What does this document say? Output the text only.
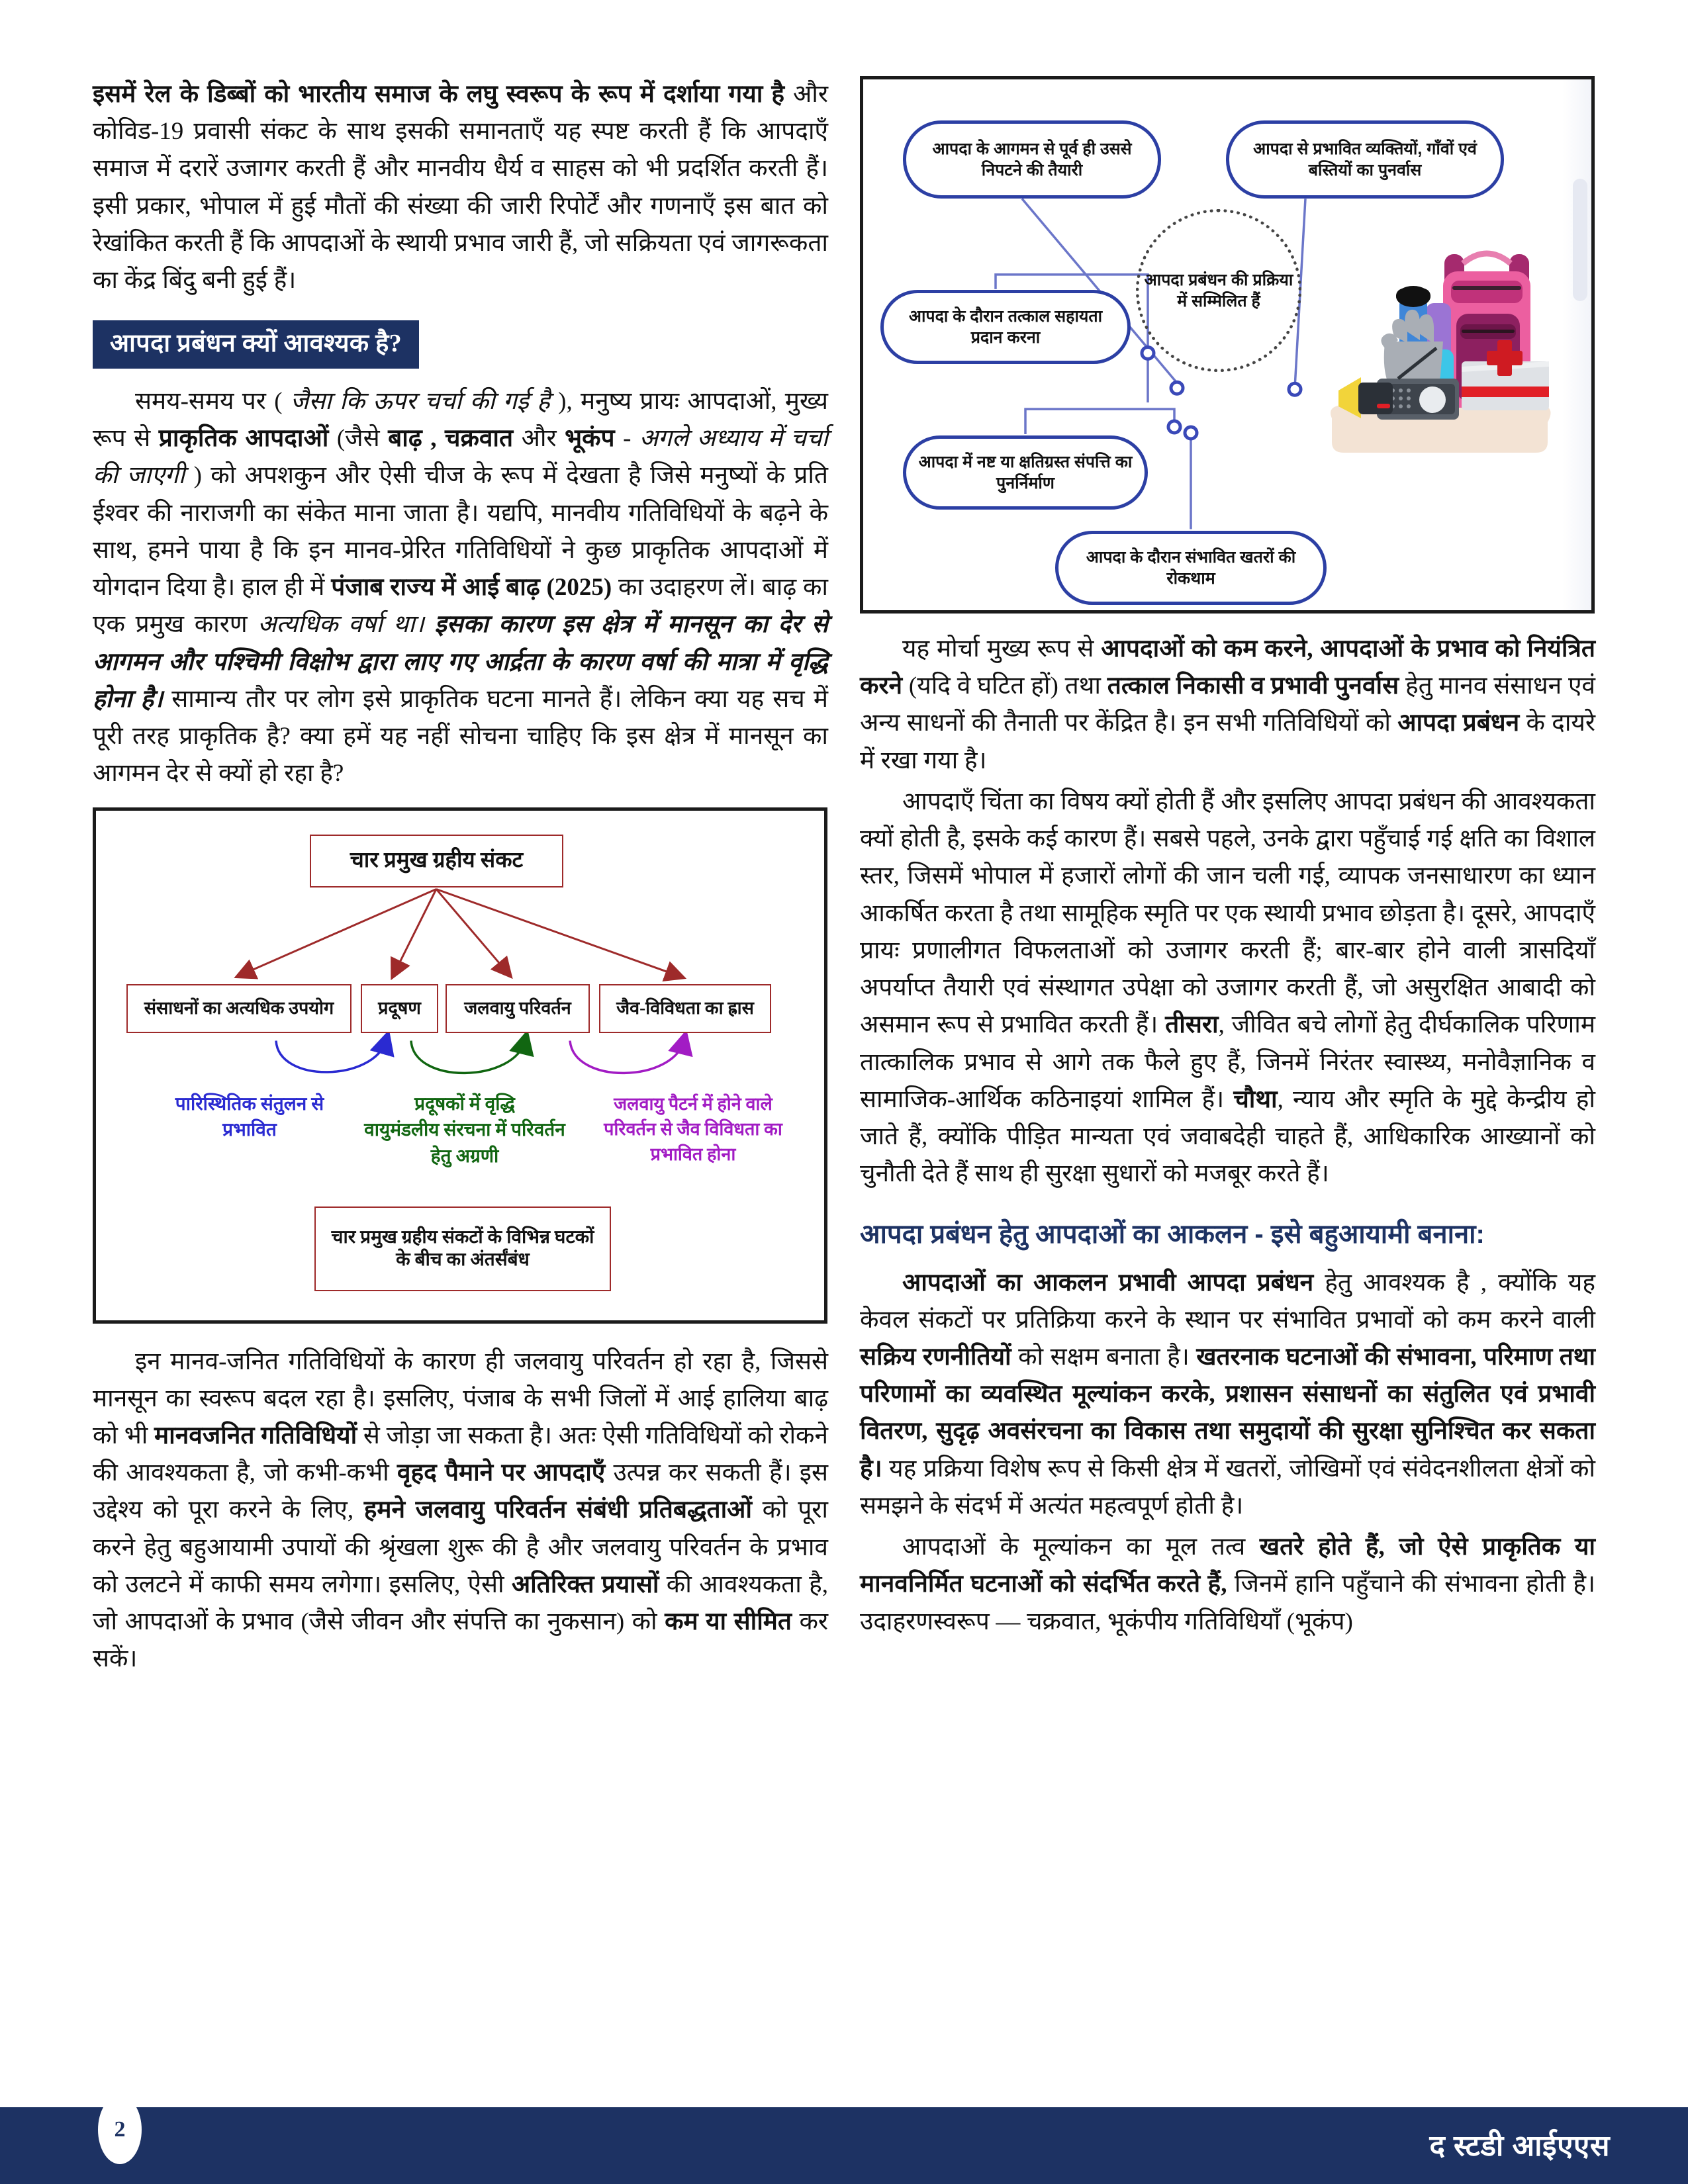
इसमें रेल के डिब्बों को भारतीय समाज के लघु स्वरूप के रूप में दर्शाया गया है और कोविड-19 प्रवासी संकट के साथ इसकी समानताएँ यह स्पष्ट करती हैं कि आपदाएँ समाज में दरारें उजागर करती हैं और मानवीय धैर्य व साहस को भी प्रदर्शित करती हैं। इसी प्रकार, भोपाल में हुई मौतों की संख्या की जारी रिपोर्टें और गणनाएँ इस बात को रेखांकित करती हैं कि आपदाओं के स्थायी प्रभाव जारी हैं, जो सक्रियता एवं जागरूकता का केंद्र बिंदु बनी हुई हैं।

आपदा प्रबंधन क्यों आवश्यक है?

समय-समय पर ( जैसा कि ऊपर चर्चा की गई है ), मनुष्य प्रायः आपदाओं, मुख्य रूप से प्राकृतिक आपदाओं (जैसे बाढ़ , चक्रवात और भूकंप - अगले अध्याय में चर्चा की जाएगी ) को अपशकुन और ऐसी चीज के रूप में देखता है जिसे मनुष्यों के प्रति ईश्वर की नाराजगी का संकेत माना जाता है। यद्यपि, मानवीय गतिविधियों के बढ़ने के साथ, हमने पाया है कि इन मानव-प्रेरित गतिविधियों ने कुछ प्राकृतिक आपदाओं में योगदान दिया है। हाल ही में पंजाब राज्य में आई बाढ़ (2025) का उदाहरण लें। बाढ़ का एक प्रमुख कारण अत्यधिक वर्षा था। इसका कारण इस क्षेत्र में मानसून का देर से आगमन और पश्चिमी विक्षोभ द्वारा लाए गए आर्द्रता के कारण वर्षा की मात्रा में वृद्धि होना है। सामान्य तौर पर लोग इसे प्राकृतिक घटना मानते हैं। लेकिन क्या यह सच में पूरी तरह प्राकृतिक है? क्या हमें यह नहीं सोचना चाहिए कि इस क्षेत्र में मानसून का आगमन देर से क्यों हो रहा है?

चार प्रमुख ग्रहीय संकट
संसाधनों का अत्यधिक उपयोग	प्रदूषण	जलवायु परिवर्तन	जैव-विविधता का ह्रास
पारिस्थितिक संतुलन से प्रभावित
प्रदूषकों में वृद्धि
वायुमंडलीय संरचना में परिवर्तन हेतु अग्रणी
जलवायु पैटर्न में होने वाले परिवर्तन से जैव विविधता का प्रभावित होना
चार प्रमुख ग्रहीय संकटों के विभिन्न घटकों
के बीच का अंतर्संबंध

इन मानव-जनित गतिविधियों के कारण ही जलवायु परिवर्तन हो रहा है, जिससे मानसून का स्वरूप बदल रहा है। इसलिए, पंजाब के सभी जिलों में आई हालिया बाढ़ को भी मानवजनित गतिविधियों से जोड़ा जा सकता है। अतः ऐसी गतिविधियों को रोकने की आवश्यकता है, जो कभी-कभी वृहद पैमाने पर आपदाएँ उत्पन्न कर सकती हैं। इस उद्देश्य को पूरा करने के लिए, हमने जलवायु परिवर्तन संबंधी प्रतिबद्धताओं को पूरा करने हेतु बहुआयामी उपायों की श्रृंखला शुरू की है और जलवायु परिवर्तन के प्रभाव को उलटने में काफी समय लगेगा। इसलिए, ऐसी अतिरिक्त प्रयासों की आवश्यकता है, जो आपदाओं के प्रभाव (जैसे जीवन और संपत्ति का नुकसान) को कम या सीमित कर सकें।

आपदा प्रबंधन की प्रक्रिया में सम्मिलित हैं
आपदा के आगमन से पूर्व ही उससे निपटने की तैयारी
आपदा से प्रभावित व्यक्तियों, गाँवों एवं बस्तियों का पुनर्वास
आपदा के दौरान तत्काल सहायता प्रदान करना
आपदा में नष्ट या क्षतिग्रस्त संपत्ति का पुनर्निर्माण
आपदा के दौरान संभावित खतरों की रोकथाम

यह मोर्चा मुख्य रूप से आपदाओं को कम करने, आपदाओं के प्रभाव को नियंत्रित करने (यदि वे घटित हों) तथा तत्काल निकासी व प्रभावी पुनर्वास हेतु मानव संसाधन एवं अन्य साधनों की तैनाती पर केंद्रित है। इन सभी गतिविधियों को आपदा प्रबंधन के दायरे में रखा गया है।

आपदाएँ चिंता का विषय क्यों होती हैं और इसलिए आपदा प्रबंधन की आवश्यकता क्यों होती है, इसके कई कारण हैं। सबसे पहले, उनके द्वारा पहुँचाई गई क्षति का विशाल स्तर, जिसमें भोपाल में हजारों लोगों की जान चली गई, व्यापक जनसाधारण का ध्यान आकर्षित करता है तथा सामूहिक स्मृति पर एक स्थायी प्रभाव छोड़ता है। दूसरे, आपदाएँ प्रायः प्रणालीगत विफलताओं को उजागर करती हैं; बार-बार होने वाली त्रासदियाँ अपर्याप्त तैयारी एवं संस्थागत उपेक्षा को उजागर करती हैं, जो असुरक्षित आबादी को असमान रूप से प्रभावित करती हैं। तीसरा, जीवित बचे लोगों हेतु दीर्घकालिक परिणाम तात्कालिक प्रभाव से आगे तक फैले हुए हैं, जिनमें निरंतर स्वास्थ्य, मनोवैज्ञानिक व सामाजिक-आर्थिक कठिनाइयां शामिल हैं। चौथा, न्याय और स्मृति के मुद्दे केन्द्रीय हो जाते हैं, क्योंकि पीड़ित मान्यता एवं जवाबदेही चाहते हैं, आधिकारिक आख्यानों को चुनौती देते हैं साथ ही सुरक्षा सुधारों को मजबूर करते हैं।

आपदा प्रबंधन हेतु आपदाओं का आकलन - इसे बहुआयामी बनाना:

आपदाओं का आकलन प्रभावी आपदा प्रबंधन हेतु आवश्यक है , क्योंकि यह केवल संकटों पर प्रतिक्रिया करने के स्थान पर संभावित प्रभावों को कम करने वाली सक्रिय रणनीतियों को सक्षम बनाता है। खतरनाक घटनाओं की संभावना, परिमाण तथा परिणामों का व्यवस्थित मूल्यांकन करके, प्रशासन संसाधनों का संतुलित एवं प्रभावी वितरण, सुदृढ़ अवसंरचना का विकास तथा समुदायों की सुरक्षा सुनिश्चित कर सकता है। यह प्रक्रिया विशेष रूप से किसी क्षेत्र में खतरों, जोखिमों एवं संवेदनशीलता क्षेत्रों को समझने के संदर्भ में अत्यंत महत्वपूर्ण होती है।

आपदाओं के मूल्यांकन का मूल तत्व खतरे होते हैं, जो ऐसे प्राकृतिक या मानवनिर्मित घटनाओं को संदर्भित करते हैं, जिनमें हानि पहुँचाने की संभावना होती है। उदाहरणस्वरूप — चक्रवात, भूकंपीय गतिविधियाँ (भूकंप)

2
द स्टडी आईएएस
